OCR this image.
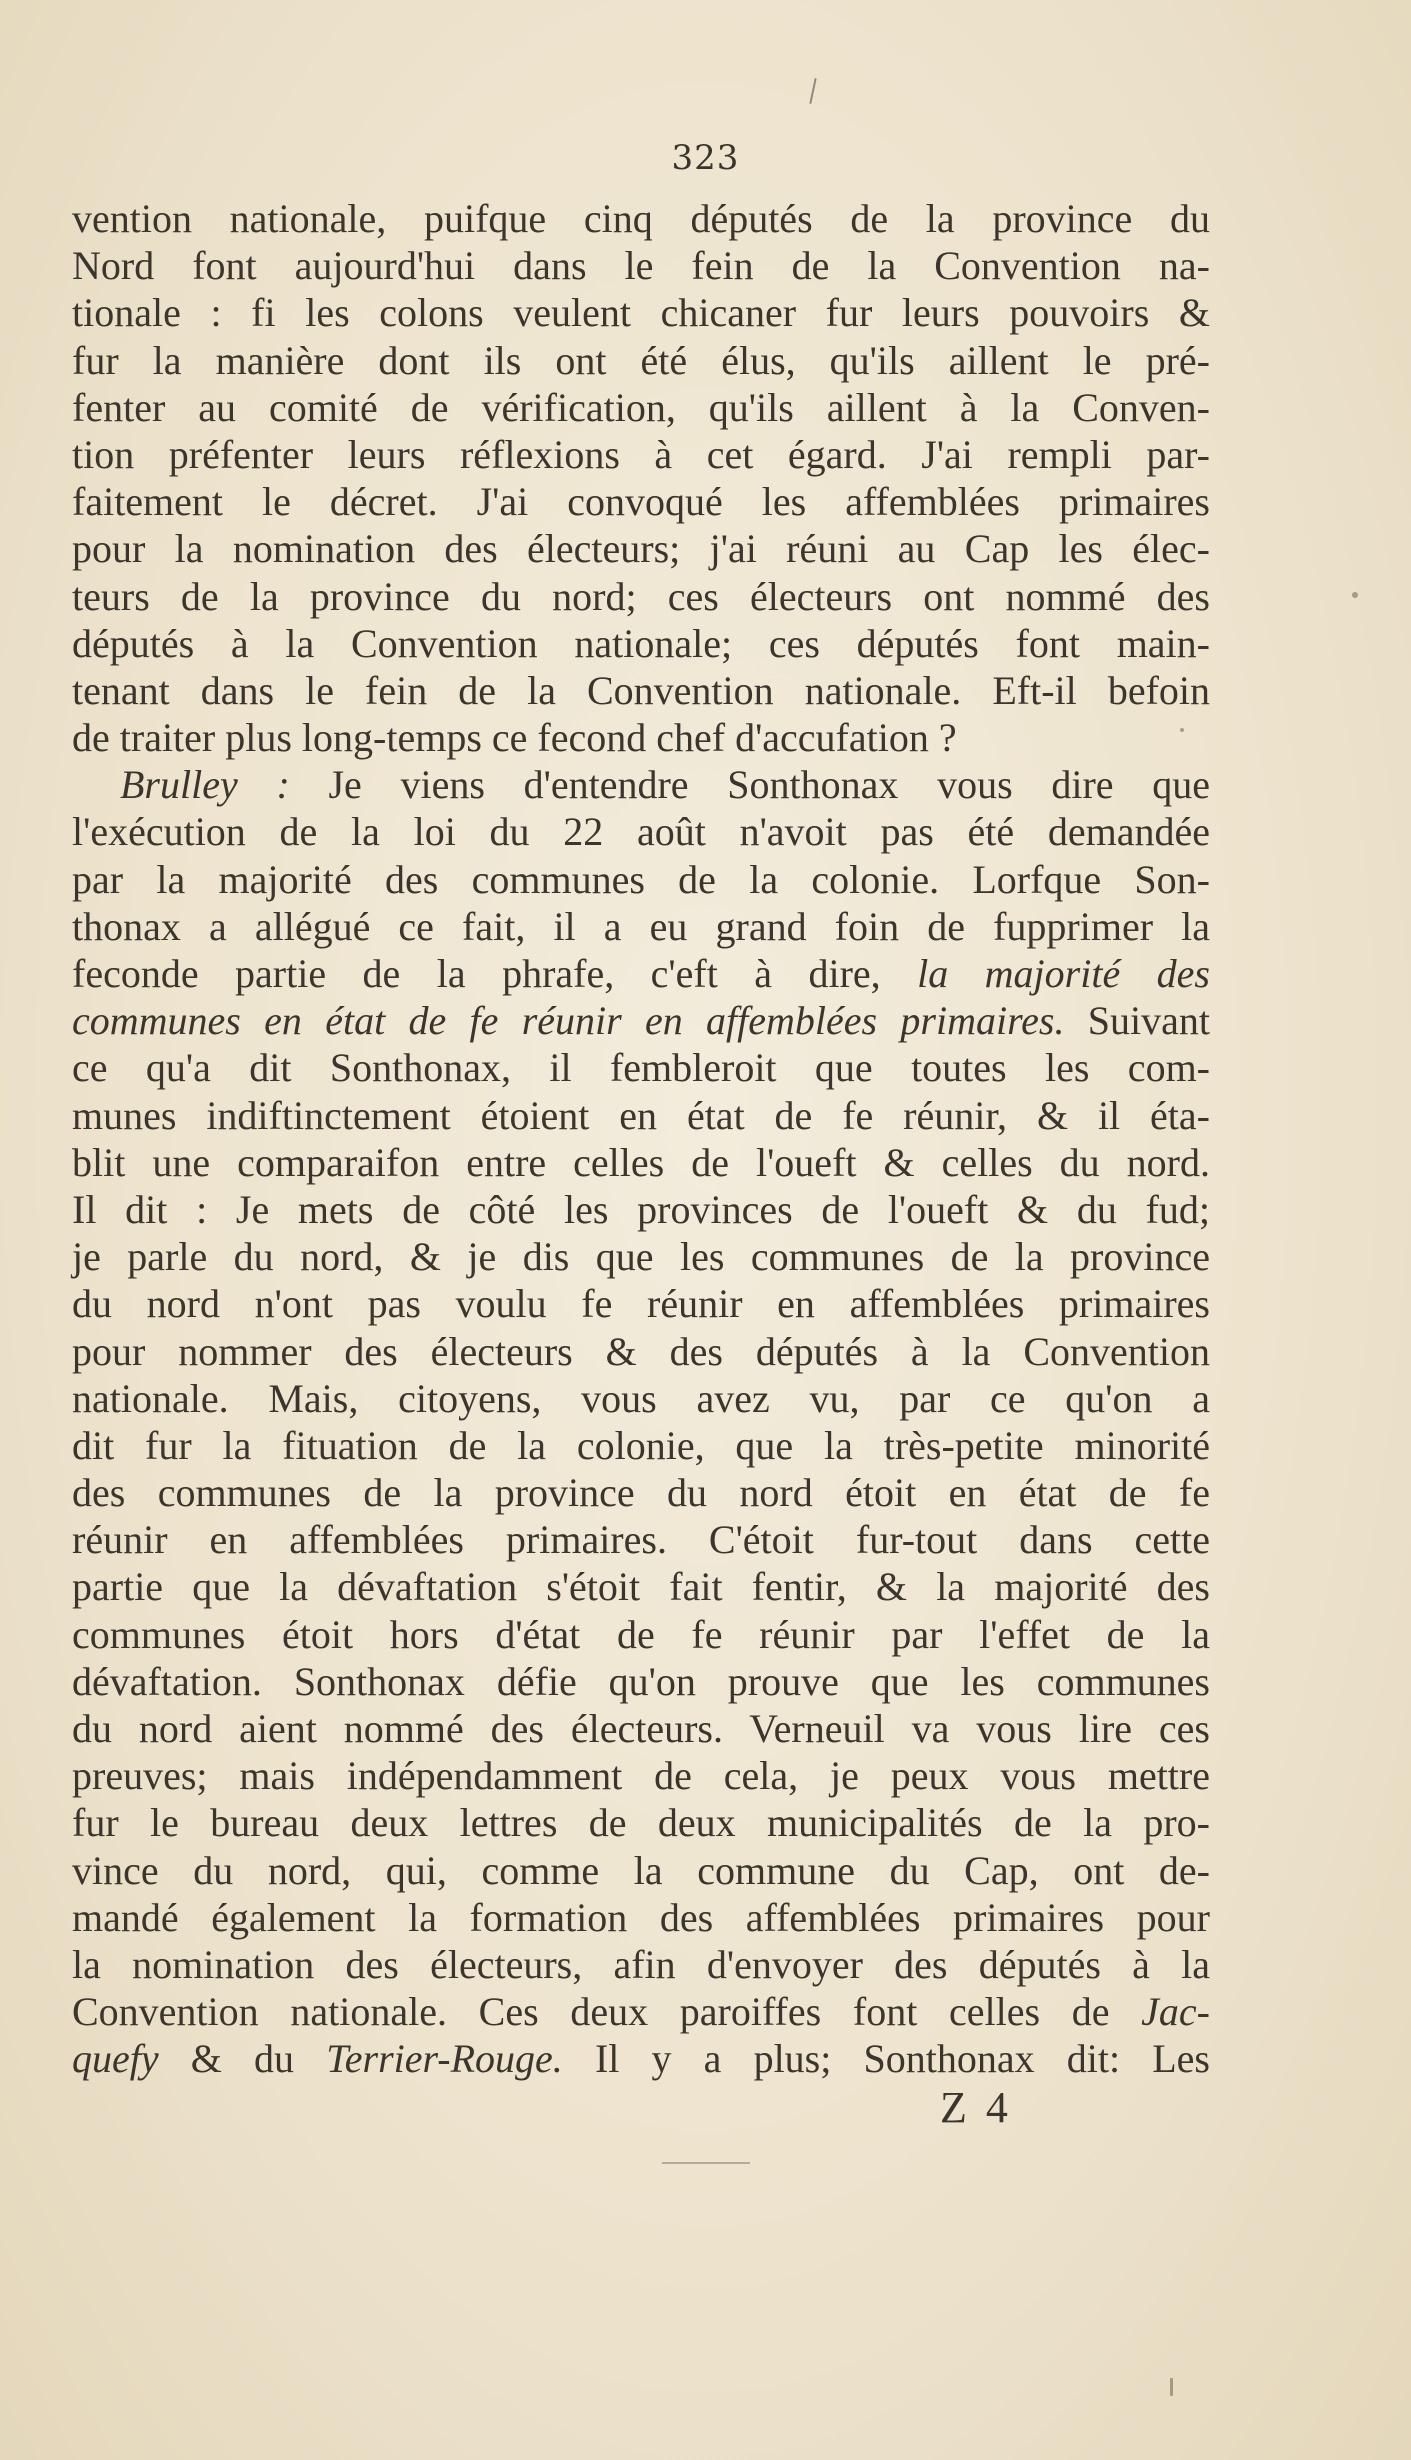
323
vention nationale, puifque cinq députés de la province du
Nord font aujourd'hui dans le fein de la Convention na-
tionale : fi les colons veulent chicaner fur leurs pouvoirs &
fur la manière dont ils ont été élus, qu'ils aillent le pré-
fenter au comité de vérification, qu'ils aillent à la Conven-
tion préfenter leurs réflexions à cet égard. J'ai rempli par-
faitement le décret. J'ai convoqué les affemblées primaires
pour la nomination des électeurs; j'ai réuni au Cap les élec-
teurs de la province du nord; ces électeurs ont nommé des
députés à la Convention nationale; ces députés font main-
tenant dans le fein de la Convention nationale. Eft-il befoin
de traiter plus long-temps ce fecond chef d'accufation ?
Brulley : Je viens d'entendre Sonthonax vous dire que
l'exécution de la loi du 22 août n'avoit pas été demandée
par la majorité des communes de la colonie. Lorfque Son-
thonax a allégué ce fait, il a eu grand foin de fupprimer la
feconde partie de la phrafe, c'eft à dire, la majorité des
communes en état de fe réunir en affemblées primaires. Suivant
ce qu'a dit Sonthonax, il fembleroit que toutes les com-
munes indiftinctement étoient en état de fe réunir, & il éta-
blit une comparaifon entre celles de l'oueft & celles du nord.
Il dit : Je mets de côté les provinces de l'oueft & du fud;
je parle du nord, & je dis que les communes de la province
du nord n'ont pas voulu fe réunir en affemblées primaires
pour nommer des électeurs & des députés à la Convention
nationale. Mais, citoyens, vous avez vu, par ce qu'on a
dit fur la fituation de la colonie, que la très-petite minorité
des communes de la province du nord étoit en état de fe
réunir en affemblées primaires. C'étoit fur-tout dans cette
partie que la dévaftation s'étoit fait fentir, & la majorité des
communes étoit hors d'état de fe réunir par l'effet de la
dévaftation. Sonthonax défie qu'on prouve que les communes
du nord aient nommé des électeurs. Verneuil va vous lire ces
preuves; mais indépendamment de cela, je peux vous mettre
fur le bureau deux lettres de deux municipalités de la pro-
vince du nord, qui, comme la commune du Cap, ont de-
mandé également la formation des affemblées primaires pour
la nomination des électeurs, afin d'envoyer des députés à la
Convention nationale. Ces deux paroiffes font celles de Jac-
quefy & du Terrier-Rouge. Il y a plus; Sonthonax dit: Les
Z 4
